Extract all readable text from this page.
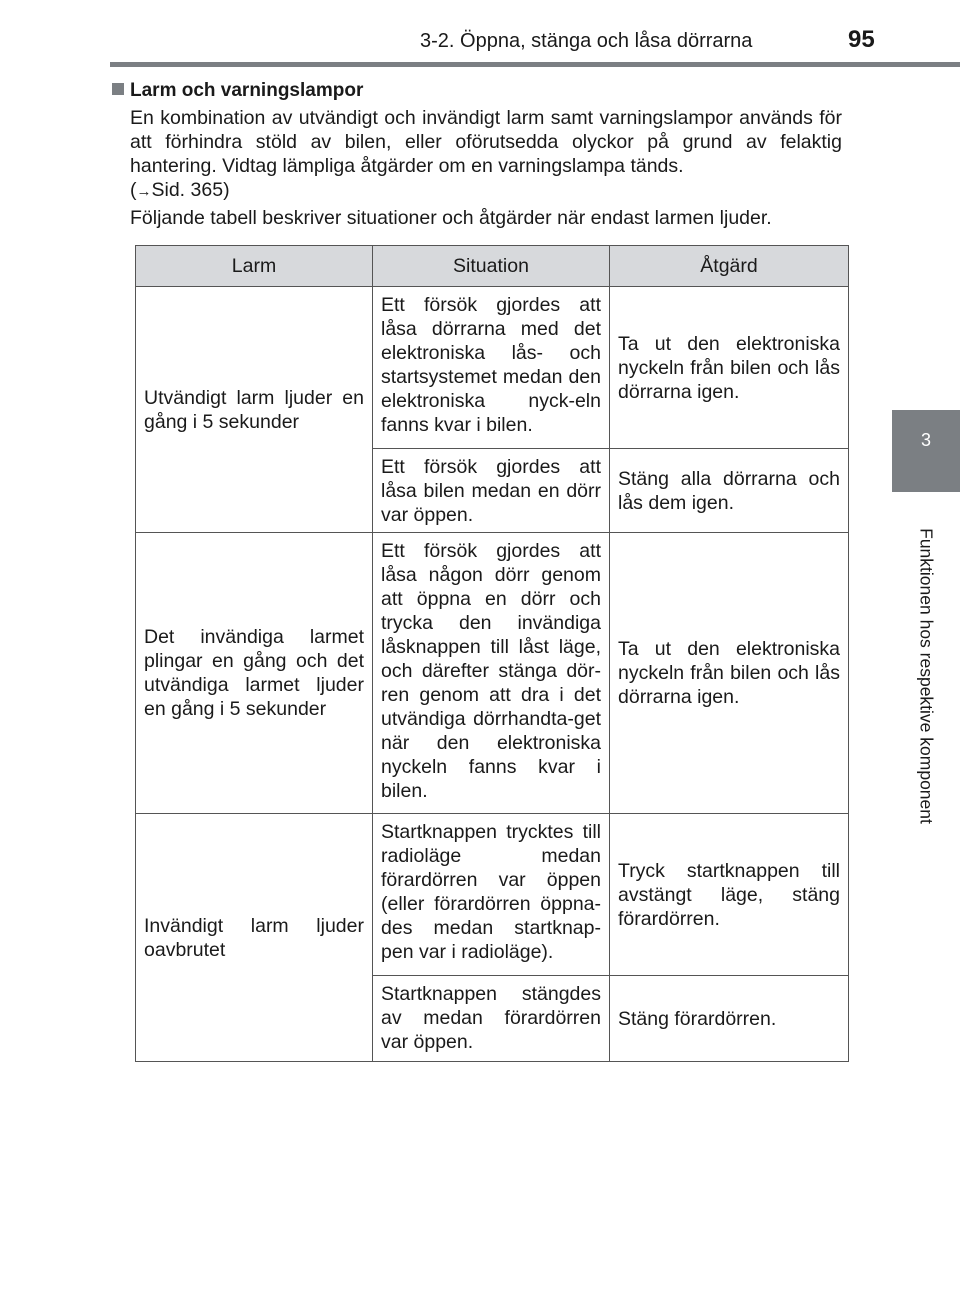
3-2. Öppna, stänga och låsa dörrarna	95
3
Funktionen hos respektive komponent
Larm och varningslampor
En kombination av utvändigt och invändigt larm samt varningslampor används för att förhindra stöld av bilen, eller oförutsedda olyckor på grund av felaktig hantering. Vidtag lämpliga åtgärder om en varningslampa tänds.
(→Sid. 365)
Följande tabell beskriver situationer och åtgärder när endast larmen ljuder.
Larm	Situation	Åtgärd
Utvändigt larm ljuder en gång i 5 sekunder	Ett försök gjordes att låsa dörrarna med det elektroniska lås- och startsystemet medan den elektroniska nyck-eln fanns kvar i bilen.	Ta ut den elektroniska nyckeln från bilen och lås dörrarna igen.
	Ett försök gjordes att låsa bilen medan en dörr var öppen.	Stäng alla dörrarna och lås dem igen.
Det invändiga larmet plingar en gång och det utvändiga larmet ljuder en gång i 5 sekunder	Ett försök gjordes att låsa någon dörr genom att öppna en dörr och trycka den invändiga låsknappen till låst läge, och därefter stänga dör-ren genom att dra i det utvändiga dörrhandta-get när den elektroniska nyckeln fanns kvar i bilen.	Ta ut den elektroniska nyckeln från bilen och lås dörrarna igen.
Invändigt larm ljuder oavbrutet	Startknappen trycktes till radioläge medan förardörren var öppen (eller förardörren öppna-des medan startknap-pen var i radioläge).	Tryck startknappen till avstängt läge, stäng förardörren.
	Startknappen stängdes av medan förardörren var öppen.	Stäng förardörren.
